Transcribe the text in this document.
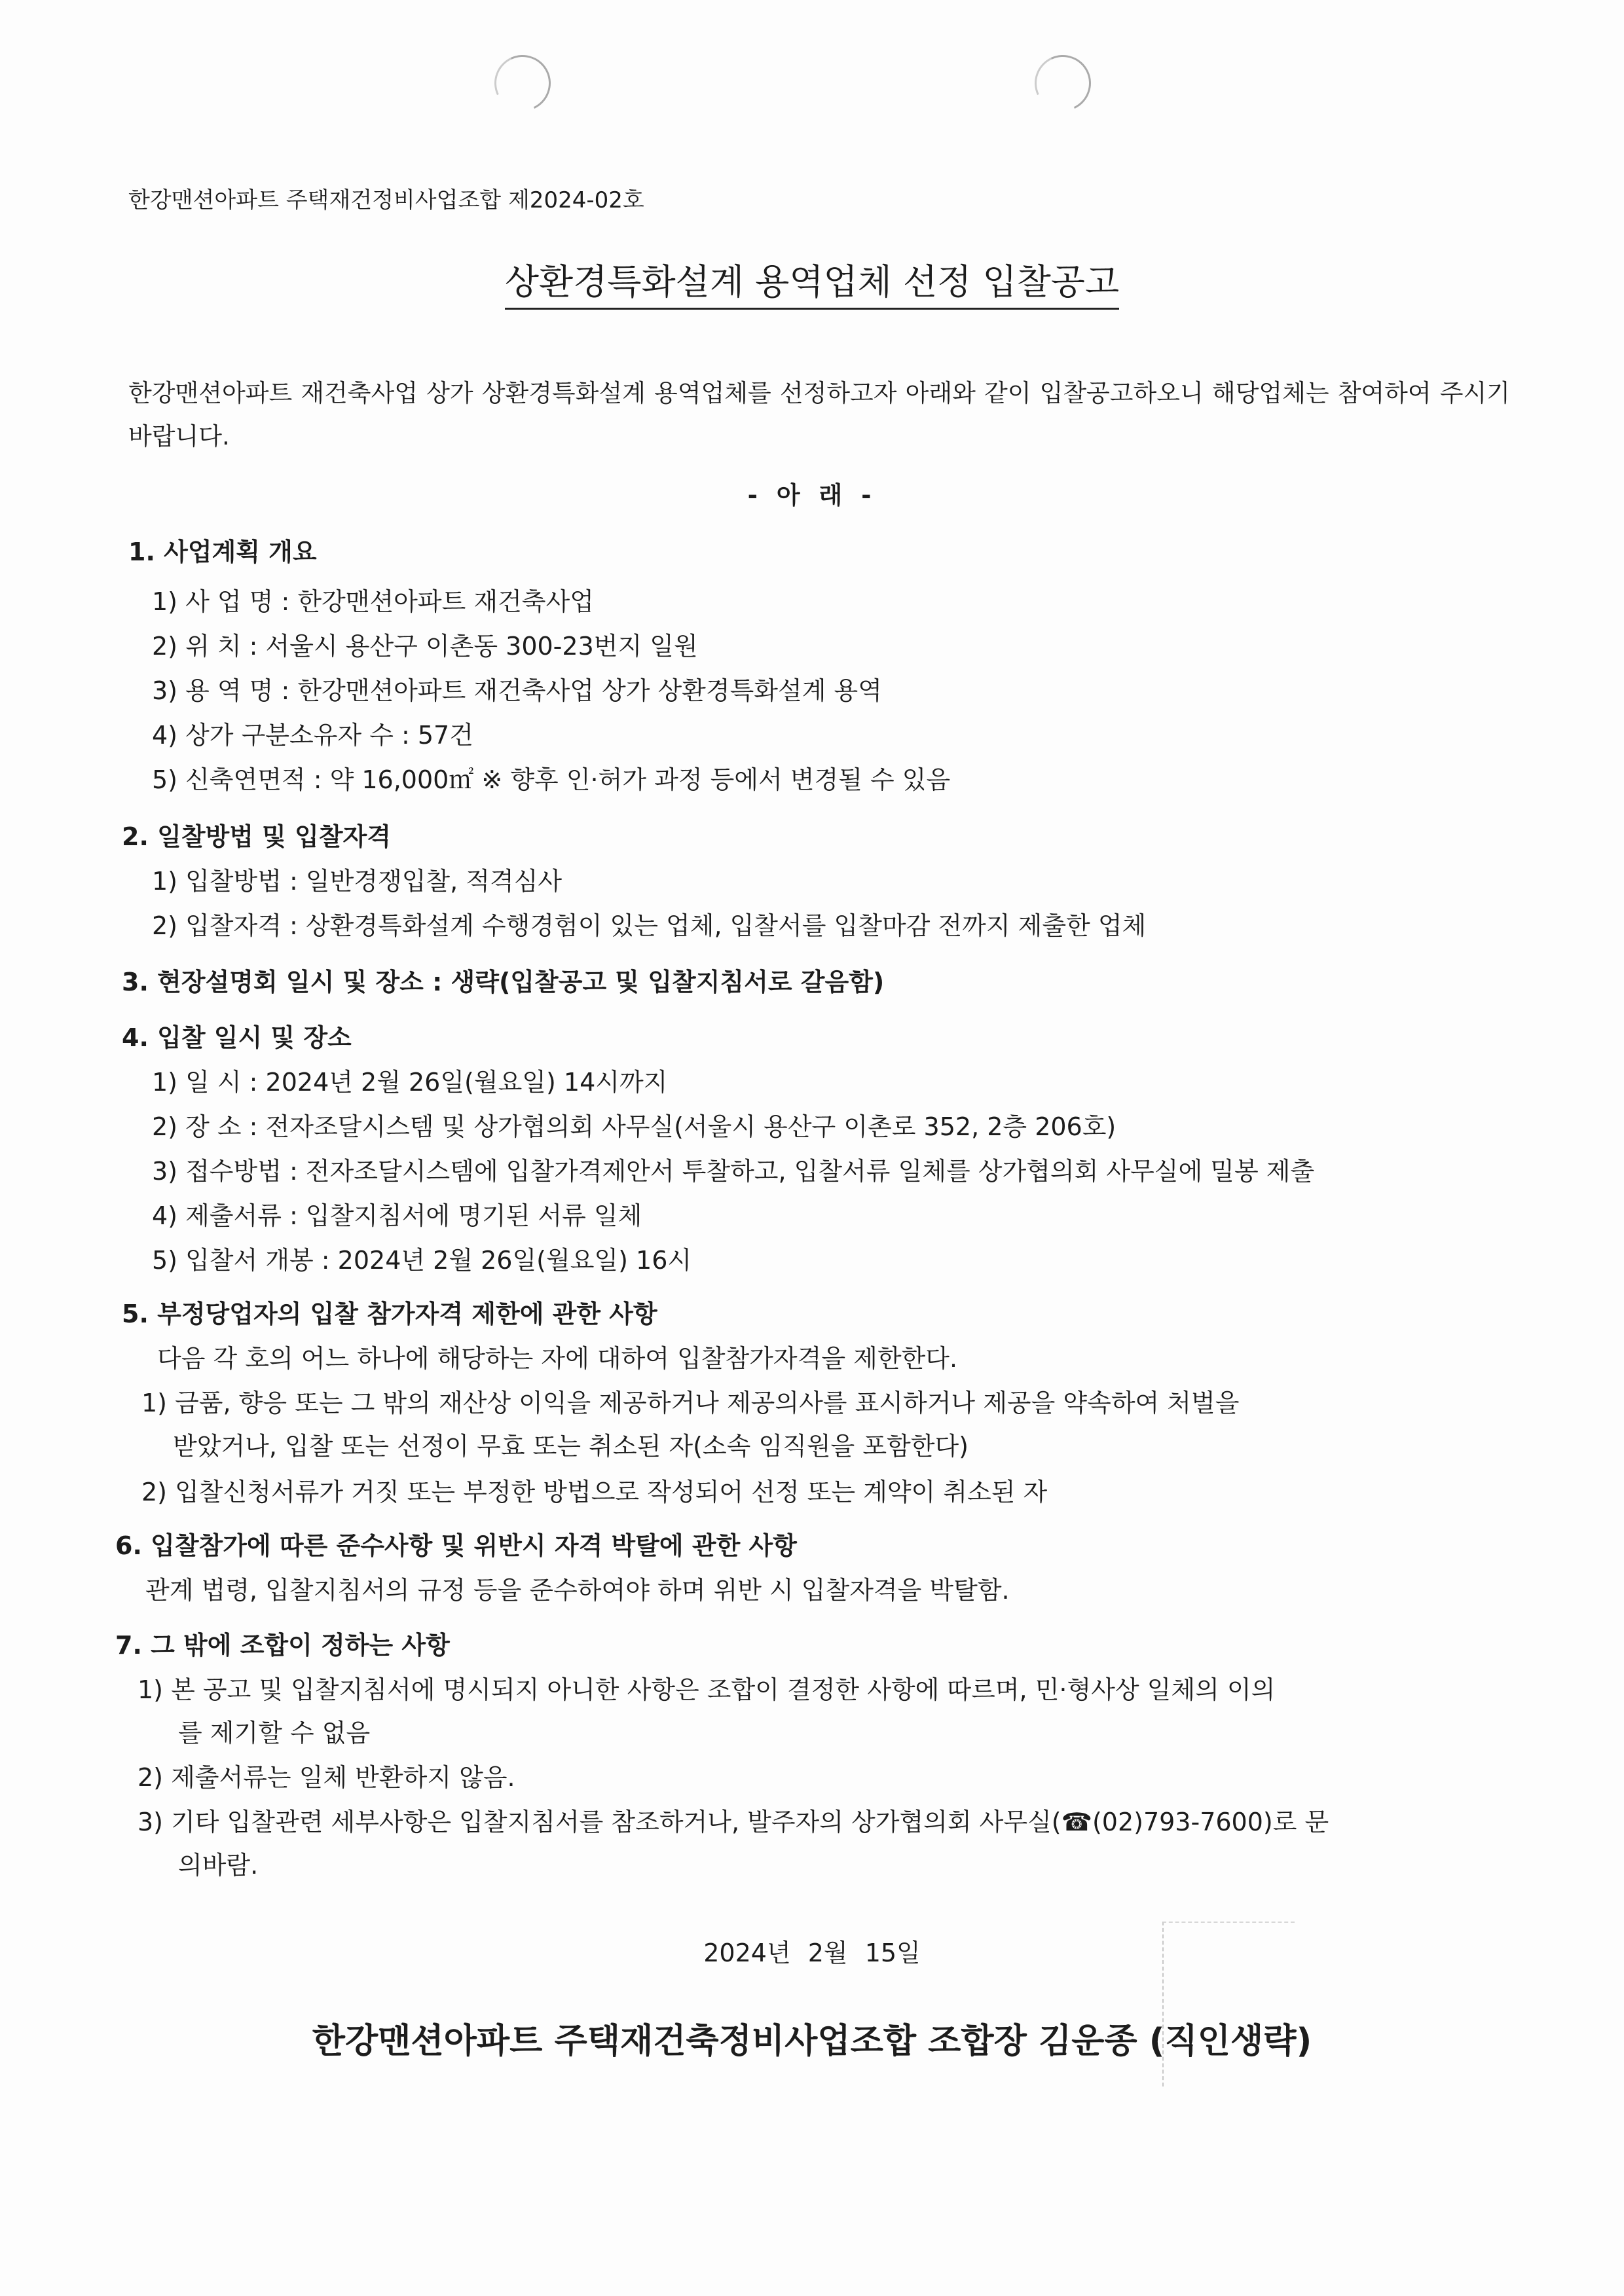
한강맨션아파트 주택재건정비사업조합 제2024-02호
상환경특화설계 용역업체 선정 입찰공고

한강맨션아파트 재건축사업 상가 상환경특화설계 용역업체를 선정하고자 아래와 같이 입찰공고하오니 해당업체는 참여하여 주시기 바랍니다.

- 아 래 -
1. 사업계획 개요
1) 사 업 명 : 한강맨션아파트 재건축사업
2) 위 치 : 서울시 용산구 이촌동 300-23번지 일원
3) 용 역 명 : 한강맨션아파트 재건축사업 상가 상환경특화설계 용역
4) 상가 구분소유자 수 : 57건
5) 신축연면적 : 약 16,000㎡ ※ 향후 인·허가 과정 등에서 변경될 수 있음
2. 일찰방법 및 입찰자격
1) 입찰방법 : 일반경쟁입찰, 적격심사
2) 입찰자격 : 상환경특화설계 수행경험이 있는 업체, 입찰서를 입찰마감 전까지 제출한 업체
3. 현장설명회 일시 및 장소 : 생략(입찰공고 및 입찰지침서로 갈음함)
4. 입찰 일시 및 장소
1) 일 시 : 2024년 2월 26일(월요일) 14시까지
2) 장 소 : 전자조달시스템 및 상가협의회 사무실(서울시 용산구 이촌로 352, 2층 206호)
3) 접수방법 : 전자조달시스템에 입찰가격제안서 투찰하고, 입찰서류 일체를 상가협의회 사무실에 밀봉 제출
4) 제출서류 : 입찰지침서에 명기된 서류 일체
5) 입찰서 개봉 : 2024년 2월 26일(월요일) 16시
5. 부정당업자의 입찰 참가자격 제한에 관한 사항
다음 각 호의 어느 하나에 해당하는 자에 대하여 입찰참가자격을 제한한다.
1) 금품, 향응 또는 그 밖의 재산상 이익을 제공하거나 제공의사를 표시하거나 제공을 약속하여 처벌을
받았거나, 입찰 또는 선정이 무효 또는 취소된 자(소속 임직원을 포함한다)
2) 입찰신청서류가 거짓 또는 부정한 방법으로 작성되어 선정 또는 계약이 취소된 자
6. 입찰참가에 따른 준수사항 및 위반시 자격 박탈에 관한 사항
관계 법령, 입찰지침서의 규정 등을 준수하여야 하며 위반 시 입찰자격을 박탈함.
7. 그 밖에 조합이 정하는 사항
1) 본 공고 및 입찰지침서에 명시되지 아니한 사항은 조합이 결정한 사항에 따르며, 민·형사상 일체의 이의
를 제기할 수 없음
2) 제출서류는 일체 반환하지 않음.
3) 기타 입찰관련 세부사항은 입찰지침서를 참조하거나, 발주자의 상가협의회 사무실(☎(02)793-7600)로 문
의바람.
2024년 2월 15일
한강맨션아파트 주택재건축정비사업조합 조합장 김운종 (직인생략)
